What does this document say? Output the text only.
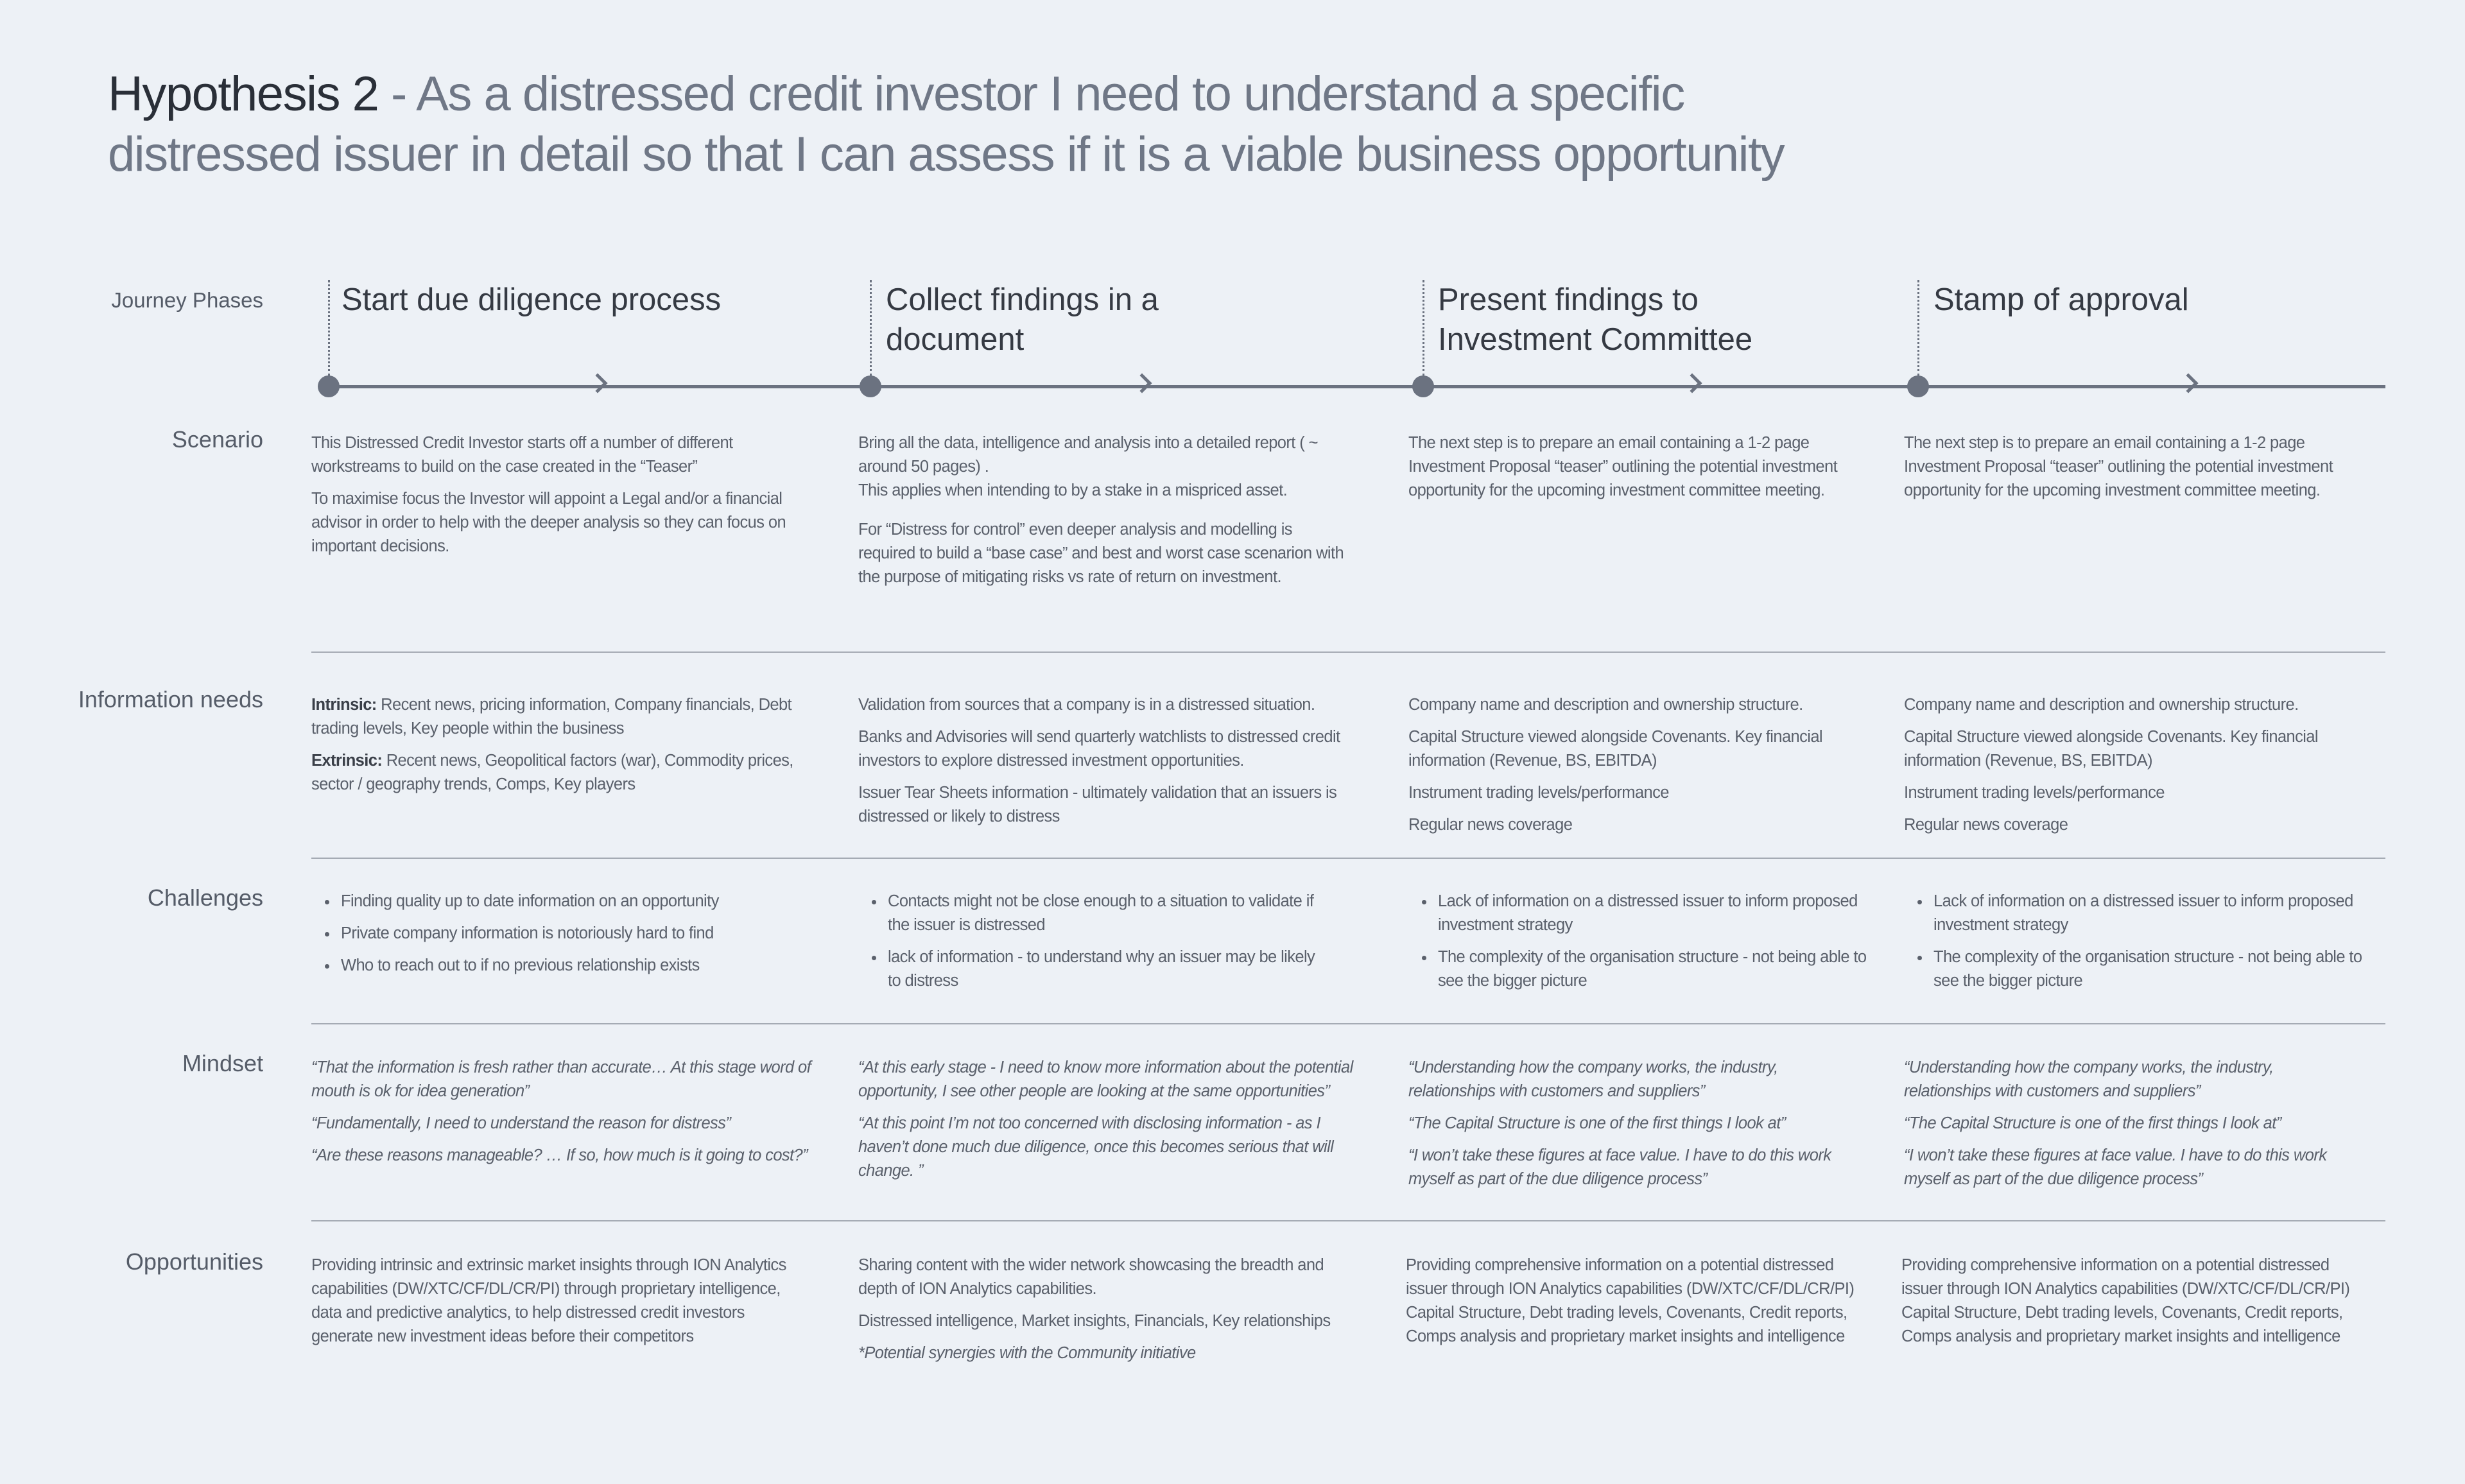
Hypothesis 2 - As a distressed credit investor I need to understand a specific distressed issuer in detail so that I can assess if it is a viable business opportunity
Journey Phases
Scenario
Information needs
Challenges
Mindset
Opportunities
Start due diligence process	Collect findings in a document
Present findings to Investment Committee
Stamp of approval

This Distressed Credit Investor starts off a number of different workstreams to build on the case created in the “Teaser”

To maximise focus the Investor will appoint a Legal and/or a financial advisor in order to help with the deeper analysis so they can focus on important decisions.

Bring all the data, intelligence and analysis into a detailed report ( ~ around 50 pages) .

This applies when intending to by a stake in a mispriced asset.

For “Distress for control” even deeper analysis and modelling is required to build a “base case” and best and worst case scenarion with the purpose of mitigating risks vs rate of return on investment.

The next step is to prepare an email containing a 1-2 page Investment Proposal “teaser” outlining the potential investment opportunity for the upcoming investment committee meeting.

The next step is to prepare an email containing a 1-2 page Investment Proposal “teaser” outlining the potential investment opportunity for the upcoming investment committee meeting.

Intrinsic: Recent news, pricing information, Company financials, Debt trading levels, Key people within the business

Extrinsic: Recent news, Geopolitical factors (war), Commodity prices, sector / geography trends, Comps, Key players

Validation from sources that a company is in a distressed situation.

Banks and Advisories will send quarterly watchlists to distressed credit investors to explore distressed investment opportunities.

Issuer Tear Sheets information - ultimately validation that an issuers is distressed or likely to distress

Company name and description and ownership structure.

Capital Structure viewed alongside Covenants. Key financial information (Revenue, BS, EBITDA)

Instrument trading levels/performance

Regular news coverage

Company name and description and ownership structure.

Capital Structure viewed alongside Covenants. Key financial information (Revenue, BS, EBITDA)

Instrument trading levels/performance

Regular news coverage

• Finding quality up to date information on an opportunity
• Private company information is notoriously hard to find
• Who to reach out to if no previous relationship exists
• Contacts might not be close enough to a situation to validate if the issuer is distressed
• lack of information - to understand why an issuer may be likely to distress
• Lack of information on a distressed issuer to inform proposed investment strategy
• The complexity of the organisation structure - not being able to see the bigger picture
• Lack of information on a distressed issuer to inform proposed investment strategy
• The complexity of the organisation structure - not being able to see the bigger picture

“That the information is fresh rather than accurate… At this stage word of mouth is ok for idea generation”

“Fundamentally, I need to understand the reason for distress”

“Are these reasons manageable? … If so, how much is it going to cost?”

“At this early stage - I need to know more information about the potential opportunity, I see other people are looking at the same opportunities”

“At this point I’m not too concerned with disclosing information - as I haven’t done much due diligence, once this becomes serious that will change. ”

“Understanding how the company works, the industry, relationships with customers and suppliers”

“The Capital Structure is one of the first things I look at”

“I won’t take these figures at face value. I have to do this work myself as part of the due diligence process”

“Understanding how the company works, the industry, relationships with customers and suppliers”

“The Capital Structure is one of the first things I look at”

“I won’t take these figures at face value. I have to do this work myself as part of the due diligence process”

Providing intrinsic and extrinsic market insights through ION Analytics capabilities (DW/XTC/CF/DL/CR/PI) through proprietary intelligence, data and predictive analytics, to help distressed credit investors generate new investment ideas before their competitors

Sharing content with the wider network showcasing the breadth and depth of ION Analytics capabilities.

Distressed intelligence, Market insights, Financials, Key relationships

*Potential synergies with the Community initiative

Providing comprehensive information on a potential distressed issuer through ION Analytics capabilities (DW/XTC/CF/DL/CR/PI) Capital Structure, Debt trading levels, Covenants, Credit reports, Comps analysis and proprietary market insights and intelligence

Providing comprehensive information on a potential distressed issuer through ION Analytics capabilities (DW/XTC/CF/DL/CR/PI) Capital Structure, Debt trading levels, Covenants, Credit reports, Comps analysis and proprietary market insights and intelligence
